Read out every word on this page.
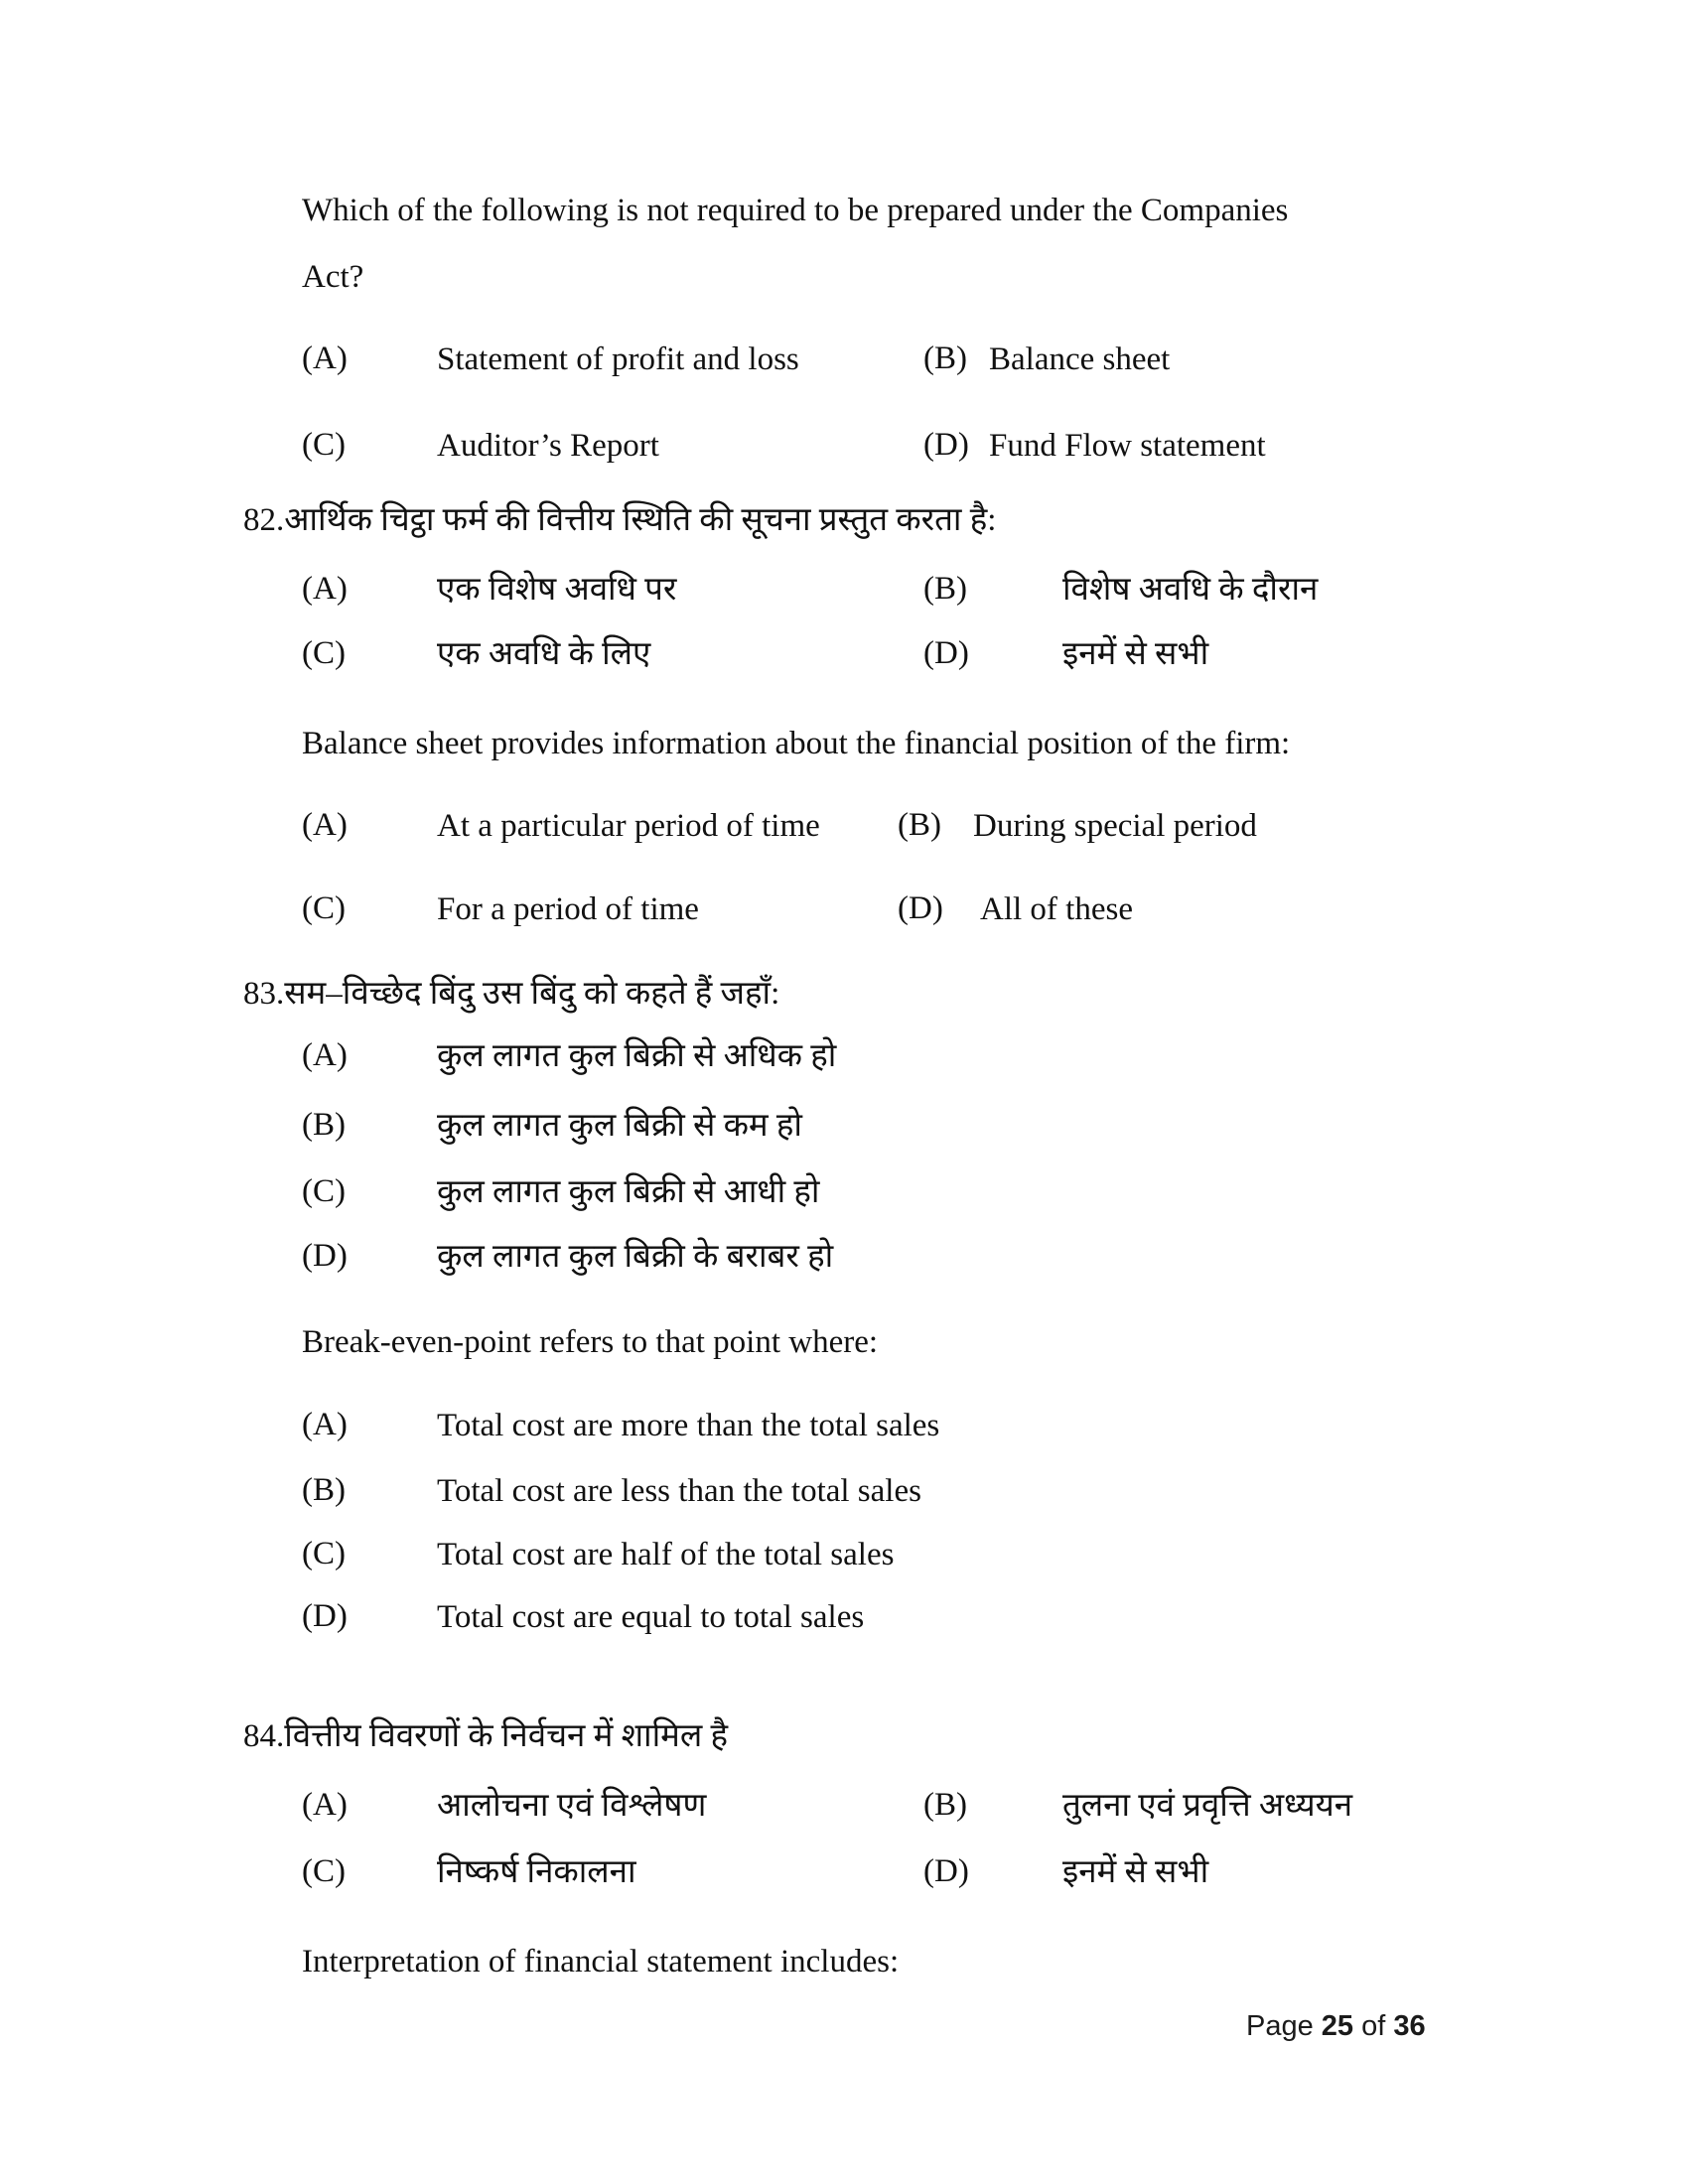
Which of the following is not required to be prepared under the Companies
Act?
(A)	Statement of profit and loss	(B) Balance sheet
(C)	Auditor’s Report	(D) Fund Flow statement
82.आर्थिक चिट्ठा फर्म की वित्तीय स्थिति की सूचना प्रस्तुत करता है:
(A)	एक विशेष अवधि पर	(B)	विशेष अवधि के दौरान
(C)	एक अवधि के लिए	(D)	इनमें से सभी
Balance sheet provides information about the financial position of the firm:
(A)	At a particular period of time (B) During special period
(C)	For a period of time	(D) All of these
83.सम–विच्छेद बिंदु उस बिंदु को कहते हैं जहाँ:
(A)	कुल लागत कुल बिक्री से अधिक हो
(B)	कुल लागत कुल बिक्री से कम हो
(C)	कुल लागत कुल बिक्री से आधी हो
(D)	कुल लागत कुल बिक्री के बराबर हो
Break-even-point refers to that point where:
(A)	Total cost are more than the total sales
(B)	Total cost are less than the total sales
(C)	Total cost are half of the total sales
(D)	Total cost are equal to total sales
84.वित्तीय विवरणों के निर्वचन में शामिल है
(A)	आलोचना एवं विश्लेषण	(B)	तुलना एवं प्रवृत्ति अध्ययन
(C)	निष्कर्ष निकालना	(D)	इनमें से सभी
Interpretation of financial statement includes:
Page 25 of 36
